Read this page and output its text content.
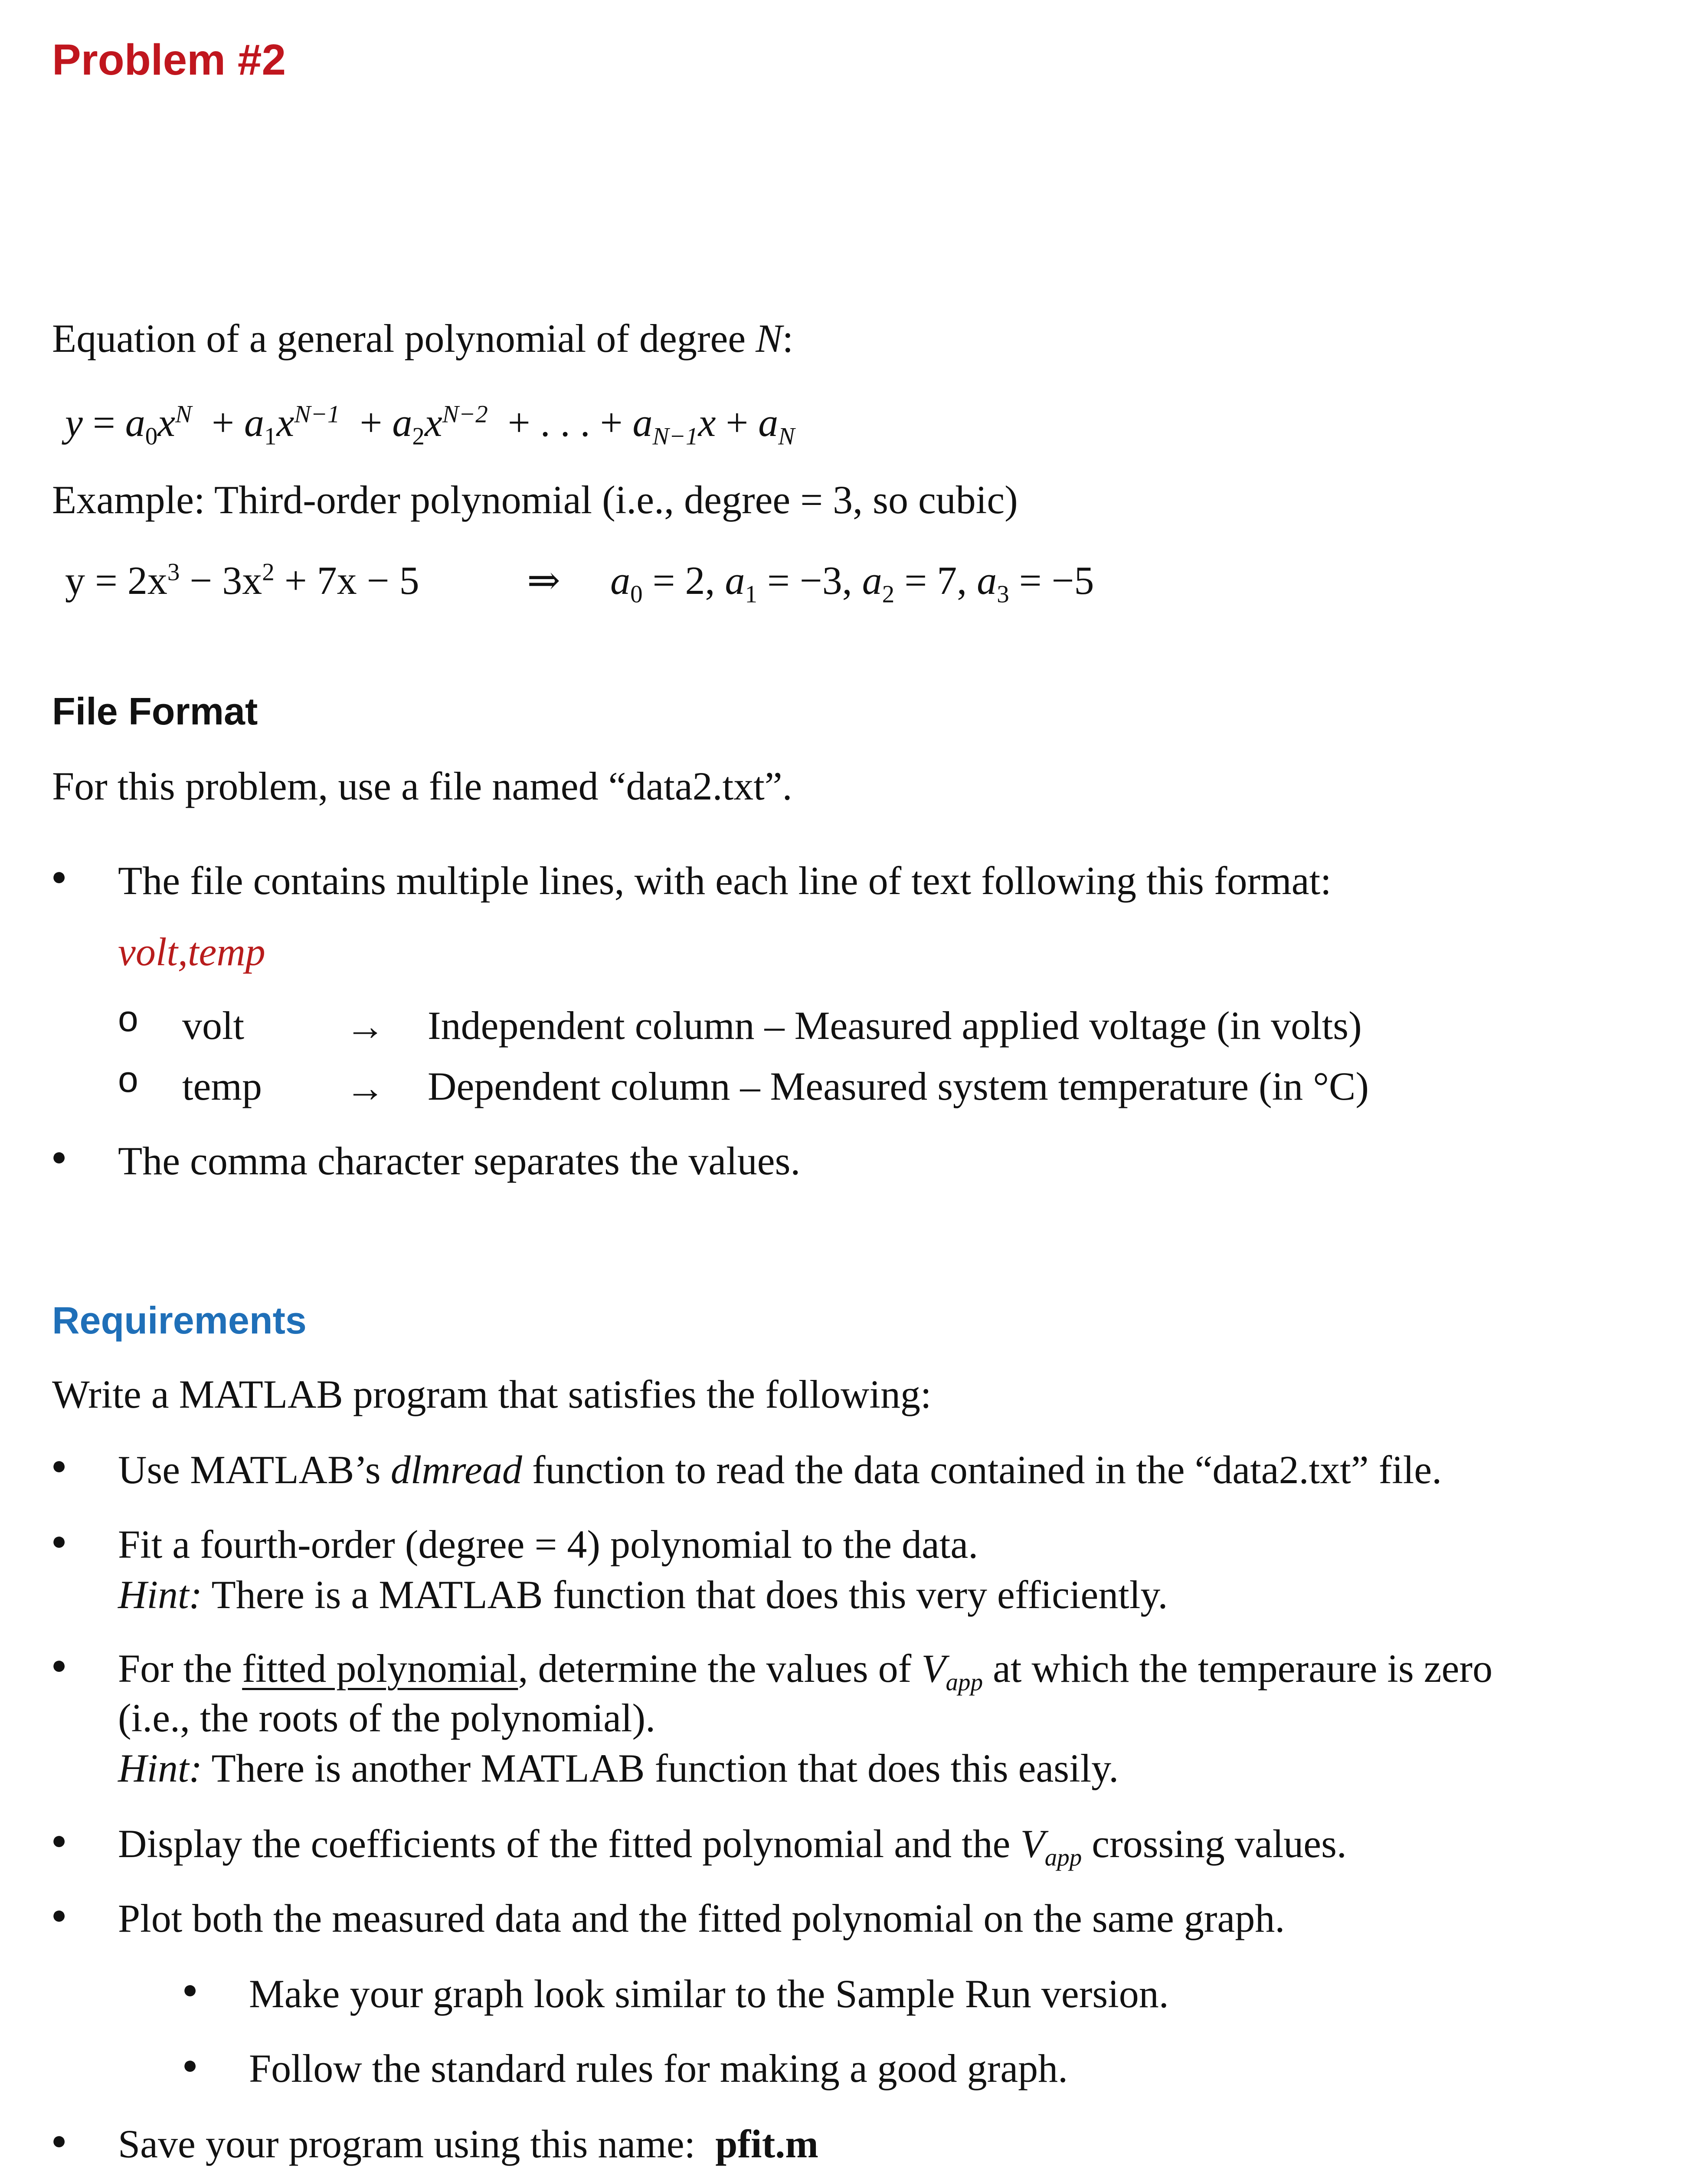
Problem #2
Equation of a general polynomial of degree N:
$y = a_0x^N + a_1x^{N-1} + a_2x^{N-2}$ + . . . + $a_{N-1}x + a_N$
Example: Third-order polynomial (i.e., degree = 3, so cubic)
$y = 2x^3 - 3x^2 + 7x - 5$	⇒ $a_0 = 2$, $a_1 = -3$, $a_2 = 7$, $a_3 = -5$
File Format
For this problem, use a file named “data2.txt”.
● The file contains multiple lines, with each line of text following this format:
volt,temp
o volt	→ Independent column – Measured applied voltage (in volts)
o temp → Dependent column – Measured system temperature (in °C)
● The comma character separates the values.
Requirements
Write a MATLAB program that satisfies the following:
● Use MATLAB’s dlmread function to read the data contained in the “data2.txt” file.
● Fit a fourth-order (degree = 4) polynomial to the data.
Hint: There is a MATLAB function that does this very efficiently.
● For the fitted polynomial, determine the values of $V_{app}$ at which the temperaure is zero
(i.e., the roots of the polynomial).
Hint: There is another MATLAB function that does this easily.
● Display the coefficients of the fitted polynomial and the $V_{app}$ crossing values.
● Plot both the measured data and the fitted polynomial on the same graph.
● Make your graph look similar to the Sample Run version.
● Follow the standard rules for making a good graph.
● Save your program using this name:  pfit.m
